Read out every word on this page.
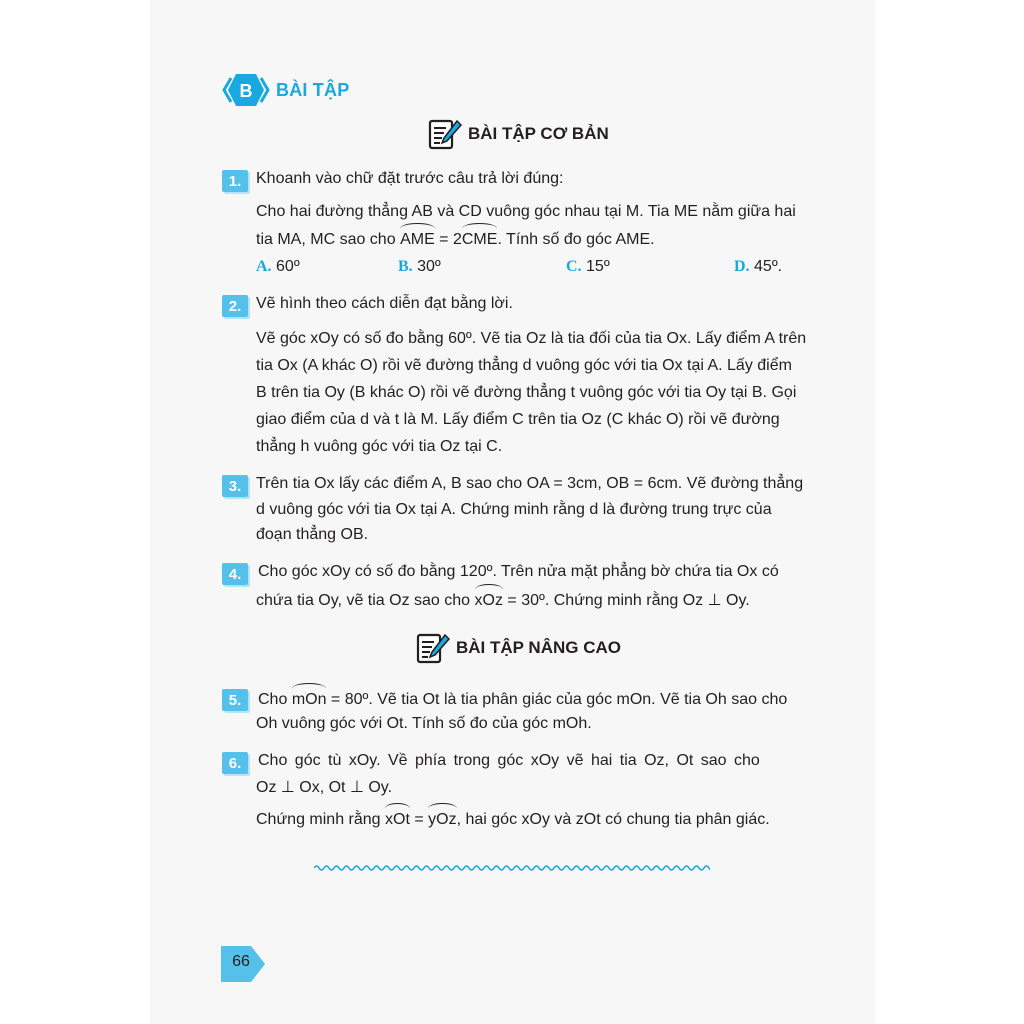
B BÀI TẬP
BÀI TẬP CƠ BẢN
1. Khoanh vào chữ đặt trước câu trả lời đúng:
Cho hai đường thẳng AB và CD vuông góc nhau tại M. Tia ME nằm giữa hai
tia MA, MC sao cho AME = 2CME. Tính số đo góc AME.
A. 60º	B. 30º	C. 15º	D. 45º.
2. Vẽ hình theo cách diễn đạt bằng lời.
Vẽ góc xOy có số đo bằng 60º. Vẽ tia Oz là tia đối của tia Ox. Lấy điểm A trên
tia Ox (A khác O) rồi vẽ đường thẳng d vuông góc với tia Ox tại A. Lấy điểm
B trên tia Oy (B khác O) rồi vẽ đường thẳng t vuông góc với tia Oy tại B. Gọi
giao điểm của d và t là M. Lấy điểm C trên tia Oz (C khác O) rồi vẽ đường
thẳng h vuông góc với tia Oz tại C.
3. Trên tia Ox lấy các điểm A, B sao cho OA = 3cm, OB = 6cm. Vẽ đường thẳng
d vuông góc với tia Ox tại A. Chứng minh rằng d là đường trung trực của
đoạn thẳng OB.
4.	Cho góc xOy có số đo bằng 120º. Trên nửa mặt phẳng bờ chứa tia Ox có
chứa tia Oy, vẽ tia Oz sao cho xOz = 30º. Chứng minh rằng Oz ⊥ Oy.
BÀI TẬP NÂNG CAO
5.	Cho mOn = 80º. Vẽ tia Ot là tia phân giác của góc mOn. Vẽ tia Oh sao cho
Oh vuông góc với Ot. Tính số đo của góc mOh.
6.	Cho góc tù xOy. Về phía trong góc xOy vẽ hai tia Oz, Ot sao cho
Oz ⊥ Ox, Ot ⊥ Oy.
Chứng minh rằng xOt = yOz, hai góc xOy và zOt có chung tia phân giác.
66
